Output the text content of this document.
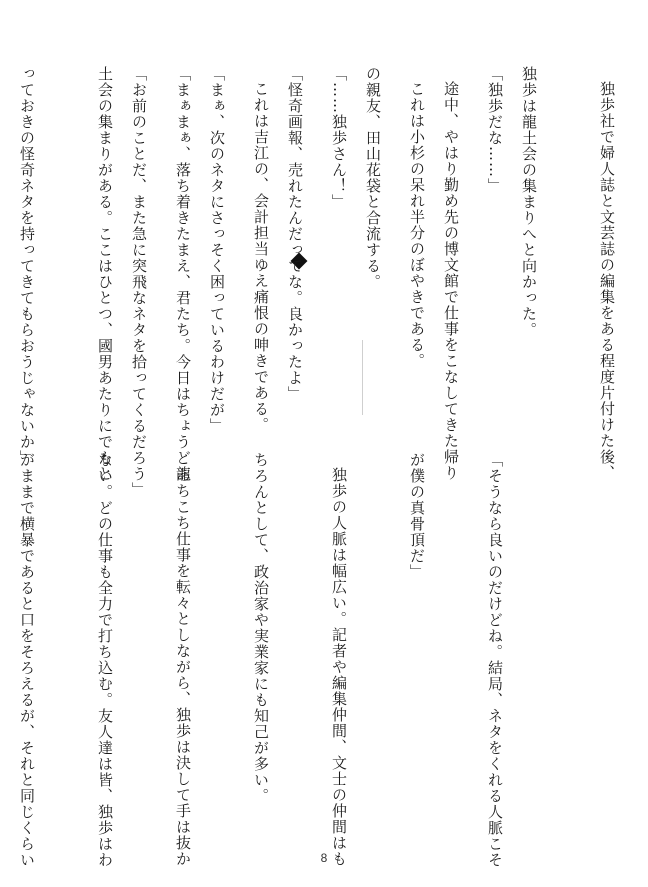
「独歩だな……」

これは小杉の呆れ半分のぼやきである。

「……独歩さん！」

これは吉江の、会計担当ゆえ痛恨の呻きである。

「まぁまぁ、落ち着きたまえ、君たち。今日はちょうど龍

土会の集まりがある。ここはひとつ、國男あたりにでもと

っておきの怪奇ネタを持ってきてもらおうじゃないか」

	独歩社で婦人誌と文芸誌の編集をある程度片付けた後、

独歩は龍土会の集まりへと向かった。

途中、やはり勤め先の博文館で仕事をこなしてきた帰り

の親友、田山花袋と合流する。

「怪奇画報、売れたんだってな。良かったよ」

「まぁ、次のネタにさっそく困っているわけだが」

「お前のことだ、また急に突飛なネタを拾ってくるだろう」

「そうなら良いのだけどね。結局、ネタをくれる人脈こそ

が僕の真骨頂だ」

独歩の人脈は幅広い。記者や編集仲間、文士の仲間はも

ちろんとして、政治家や実業家にも知己が多い。

あちこち仕事を転々としながら、独歩は決して手は抜か

ない。どの仕事も全力で打ち込む。友人達は皆、独歩はわ

がままで横暴であると口をそろえるが、それと同じくらい

	8
